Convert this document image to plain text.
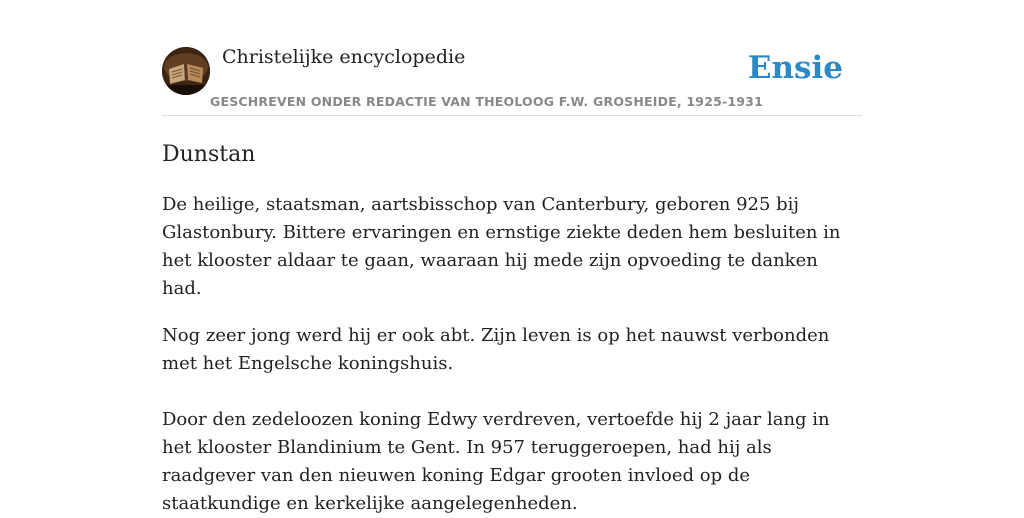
Christelijke encyclopedie
GESCHREVEN ONDER REDACTIE VAN THEOLOOG F.W. GROSHEIDE, 1925-1931
Ensie
Dunstan

De heilige, staatsman, aartsbisschop van Canterbury, geboren 925 bij Glastonbury. Bittere ervaringen en ernstige ziekte deden hem besluiten in het klooster aldaar te gaan, waaraan hij mede zijn opvoeding te danken had.

Nog zeer jong werd hij er ook abt. Zijn leven is op het nauwst verbonden met het Engelsche koningshuis.

Door den zedeloozen koning Edwy verdreven, vertoefde hij 2 jaar lang in het klooster Blandinium te Gent. In 957 teruggeroepen, had hij als raadgever van den nieuwen koning Edgar grooten invloed op de staatkundige en kerkelijke aangelegenheden.
